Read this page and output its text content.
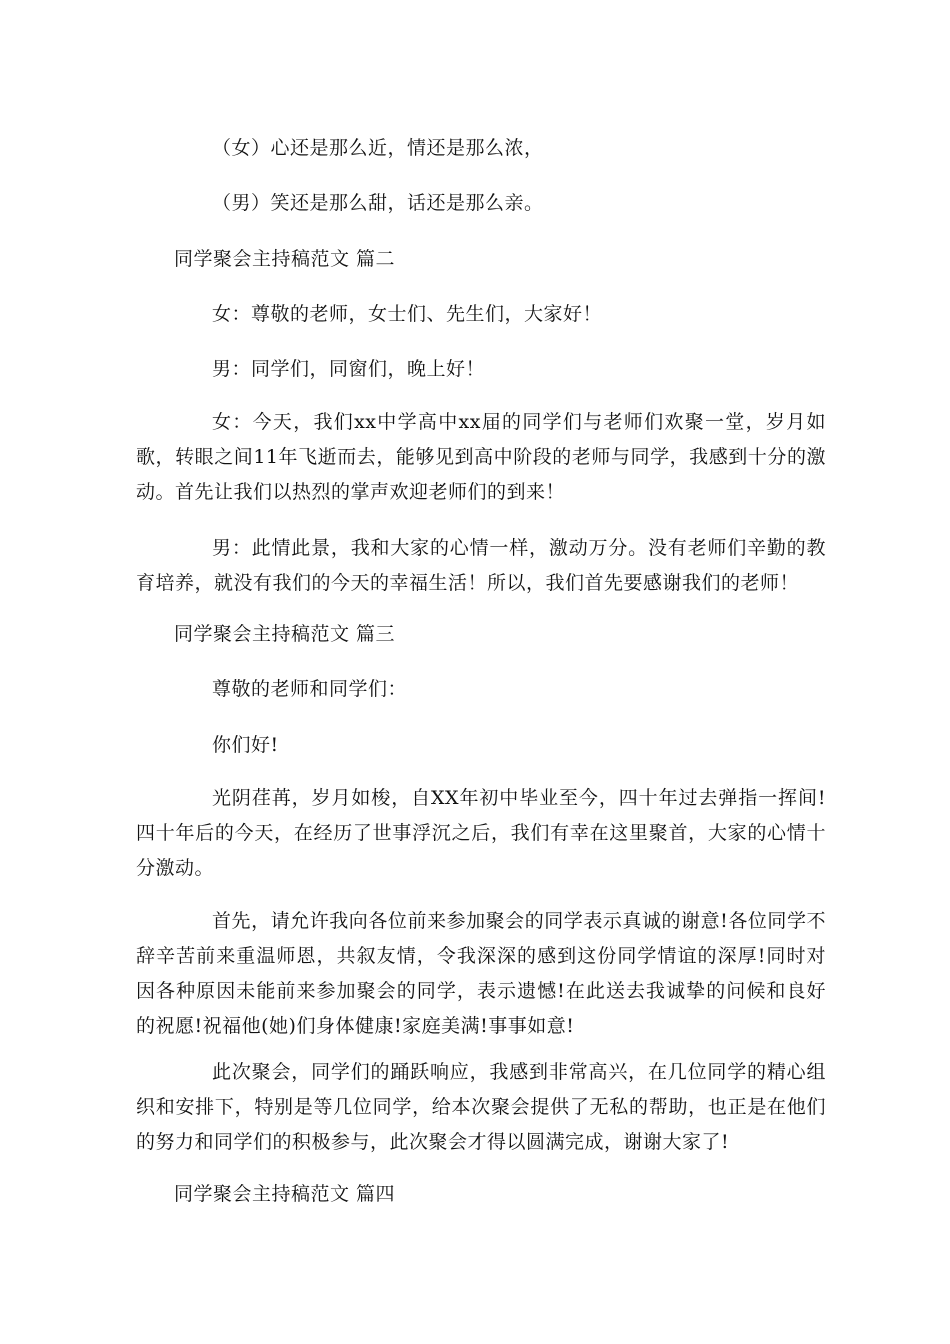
（女）心还是那么近，情还是那么浓，
（男）笑还是那么甜，话还是那么亲。
同学聚会主持稿范文 篇二
女：尊敬的老师，女士们、先生们，大家好！
男：同学们，同窗们，晚上好！
女：今天，我们xx中学高中xx届的同学们与老师们欢聚一堂，岁月如歌，转眼之间11年飞逝而去，能够见到高中阶段的老师与同学，我感到十分的激动。首先让我们以热烈的掌声欢迎老师们的到来！
男：此情此景，我和大家的心情一样，激动万分。没有老师们辛勤的教育培养，就没有我们的今天的幸福生活！所以，我们首先要感谢我们的老师！
同学聚会主持稿范文 篇三
尊敬的老师和同学们：
你们好!
光阴荏苒，岁月如梭，自XX年初中毕业至今，四十年过去弹指一挥间!四十年后的今天，在经历了世事浮沉之后，我们有幸在这里聚首，大家的心情十分激动。
首先，请允许我向各位前来参加聚会的同学表示真诚的谢意!各位同学不辞辛苦前来重温师恩，共叙友情，令我深深的感到这份同学情谊的深厚!同时对因各种原因未能前来参加聚会的同学，表示遗憾!在此送去我诚挚的问候和良好的祝愿!祝福他(她)们身体健康!家庭美满!事事如意!
此次聚会，同学们的踊跃响应，我感到非常高兴，在几位同学的精心组织和安排下，特别是等几位同学，给本次聚会提供了无私的帮助，也正是在他们的努力和同学们的积极参与，此次聚会才得以圆满完成，谢谢大家了!
同学聚会主持稿范文 篇四
